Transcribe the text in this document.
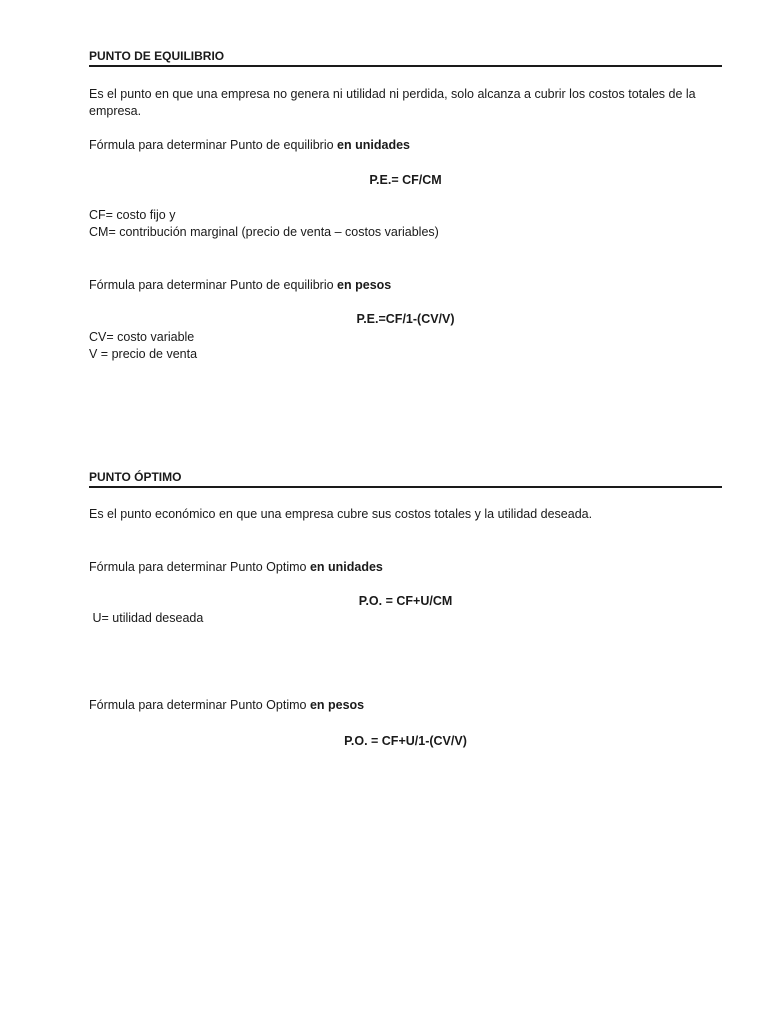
PUNTO DE EQUILIBRIO
Es el punto en que una empresa no genera ni utilidad ni perdida, solo alcanza a cubrir los costos totales de la empresa.
Fórmula para determinar Punto de equilibrio en unidades
P.E.= CF/CM
CF= costo fijo y
CM= contribución marginal (precio de venta – costos variables)
Fórmula para determinar Punto de equilibrio en pesos
P.E.=CF/1-(CV/V)
CV= costo variable
V = precio de venta
PUNTO ÓPTIMO
Es el punto económico en que una empresa cubre sus costos totales y la utilidad deseada.
Fórmula para determinar Punto Optimo en unidades
P.O. = CF+U/CM
U= utilidad deseada
Fórmula para determinar Punto Optimo en pesos
P.O. = CF+U/1-(CV/V)
